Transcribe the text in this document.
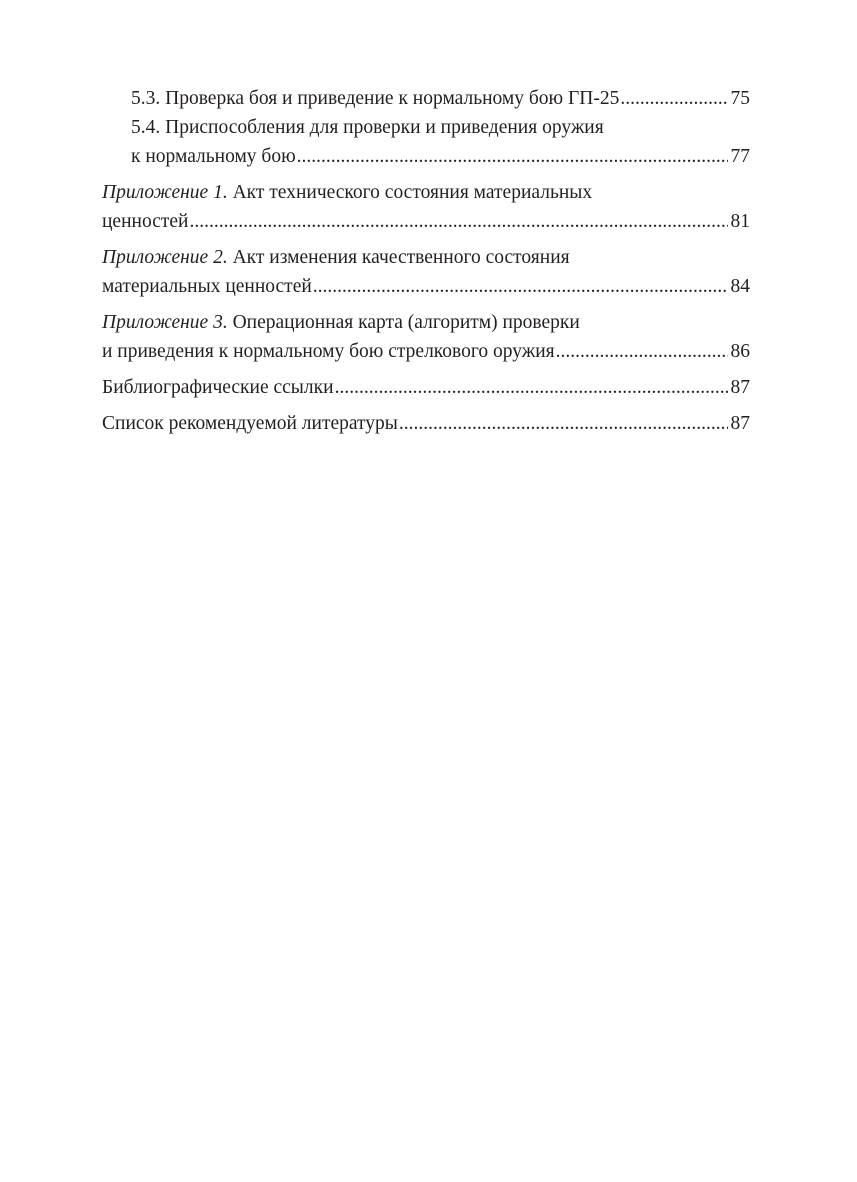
5.3. Проверка боя и приведение к нормальному бою ГП-25 .....	75
5.4. Приспособления для проверки и приведения оружия
к нормальному бою .....	77
Приложение 1. Акт технического состояния материальных
ценностей .....	81
Приложение 2. Акт изменения качественного состояния
материальных ценностей .....	84
Приложение 3. Операционная карта (алгоритм) проверки
и приведения к нормальному бою стрелкового оружия .....	86
Библиографические ссылки .....	87
Список рекомендуемой литературы .....	87
